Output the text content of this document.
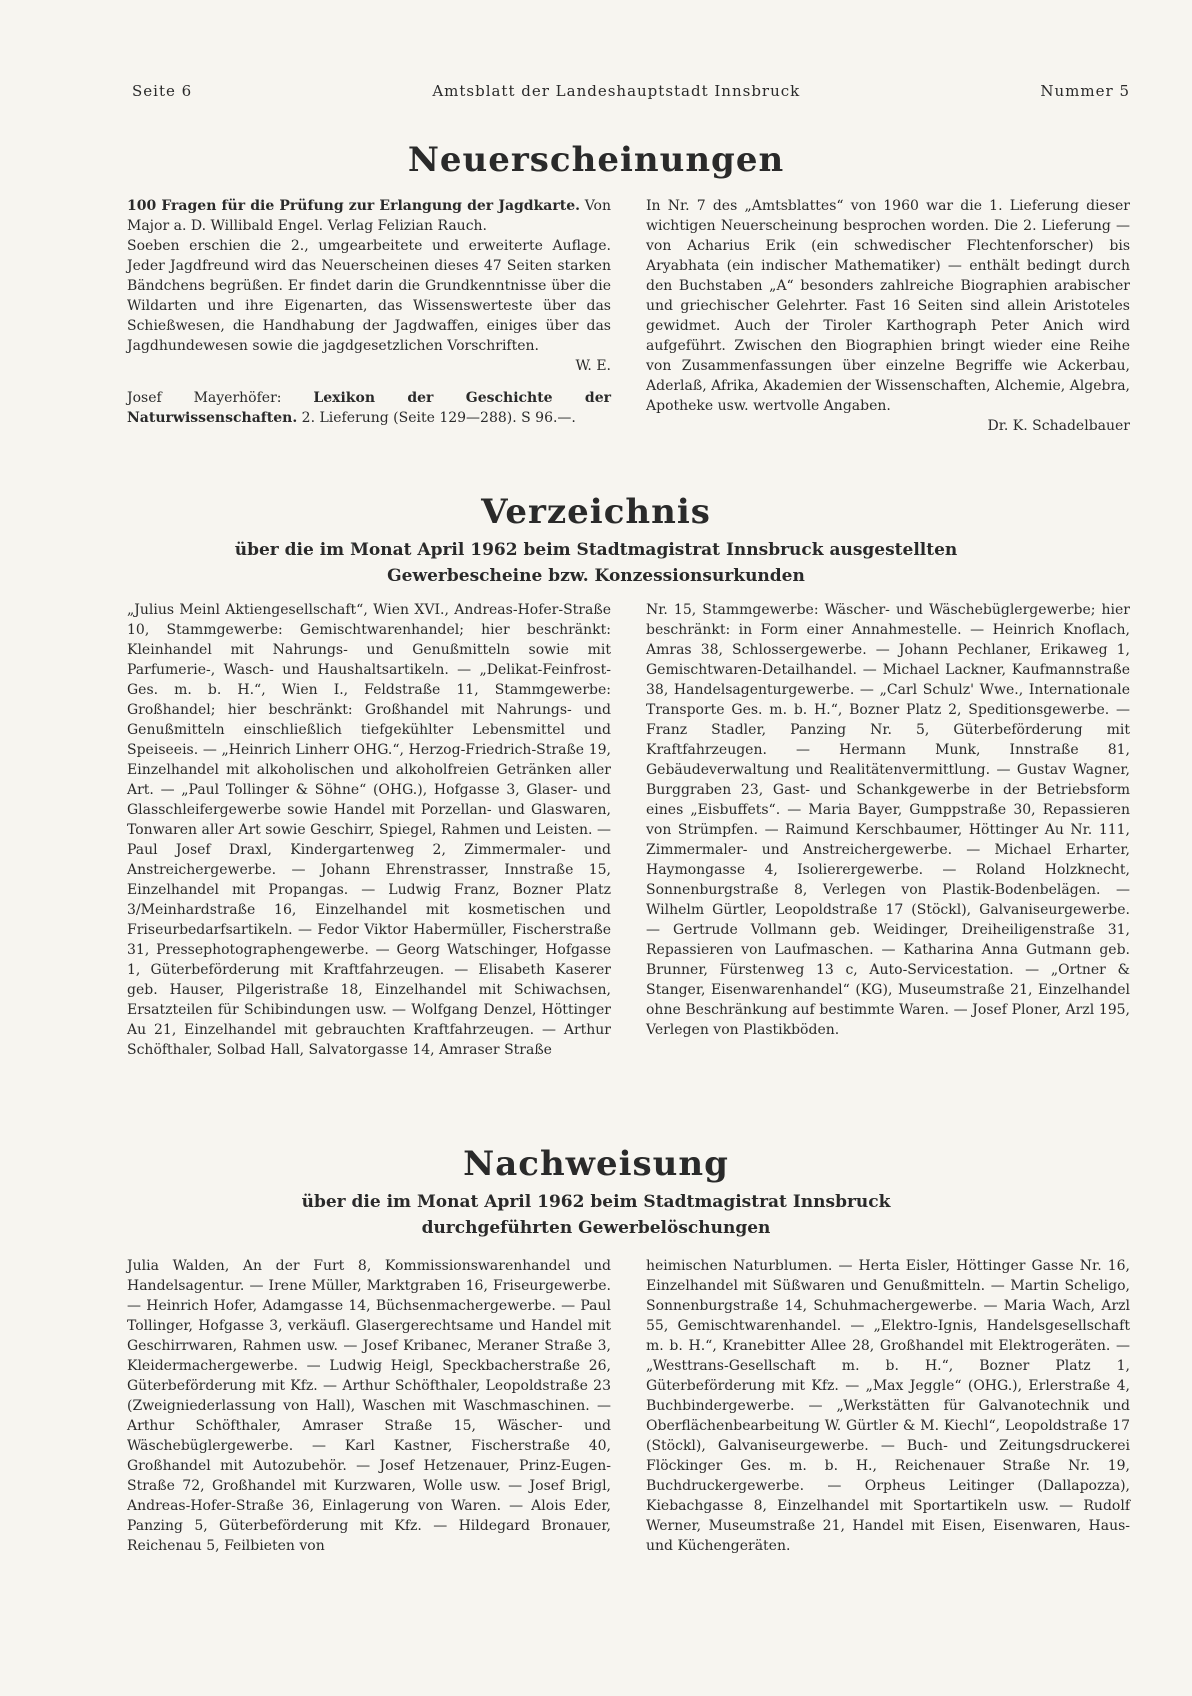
Seite 6	Amtsblatt der Landeshauptstadt Innsbruck	Nummer 5
Neuerscheinungen

100 Fragen für die Prüfung zur Erlangung der Jagdkarte. Von Major a. D. Willibald Engel. Verlag Felizian Rauch.

Soeben erschien die 2., umgearbeitete und erweiterte Auflage. Jeder Jagdfreund wird das Neuerscheinen dieses 47 Seiten starken Bändchens begrüßen. Er findet darin die Grundkenntnisse über die Wildarten und ihre Eigenarten, das Wissenswerteste über das Schießwesen, die Handhabung der Jagdwaffen, einiges über das Jagdhundewesen sowie die jagdgesetzlichen Vorschriften.

W. E.

Josef Mayerhöfer: Lexikon der Geschichte der Naturwissenschaften. 2. Lieferung (Seite 129—288). S 96.—.

In Nr. 7 des „Amtsblattes“ von 1960 war die 1. Lieferung dieser wichtigen Neuerscheinung besprochen worden. Die 2. Lieferung — von Acharius Erik (ein schwedischer Flechtenforscher) bis Aryabhata (ein indischer Mathematiker) — enthält bedingt durch den Buchstaben „A“ besonders zahlreiche Biographien arabischer und griechischer Gelehrter. Fast 16 Seiten sind allein Aristoteles gewidmet. Auch der Tiroler Karthograph Peter Anich wird aufgeführt. Zwischen den Biographien bringt wieder eine Reihe von Zusammenfassungen über einzelne Begriffe wie Ackerbau, Aderlaß, Afrika, Akademien der Wissenschaften, Alchemie, Algebra, Apotheke usw. wertvolle Angaben.

Dr. K. Schadelbauer

Verzeichnis
über die im Monat April 1962 beim Stadtmagistrat Innsbruck ausgestellten
Gewerbescheine bzw. Konzessionsurkunden

„Julius Meinl Aktiengesellschaft“, Wien XVI., Andreas-Hofer-Straße 10, Stammgewerbe: Gemischtwarenhandel; hier beschränkt: Kleinhandel mit Nahrungs- und Genußmitteln sowie mit Parfumerie-, Wasch- und Haushaltsartikeln. — „Delikat-Feinfrost-Ges. m. b. H.“, Wien I., Feldstraße 11, Stammgewerbe: Großhandel; hier beschränkt: Großhandel mit Nahrungs- und Genußmitteln einschließlich tiefgekühlter Lebensmittel und Speiseeis. — „Heinrich Linherr OHG.“, Herzog-Friedrich-Straße 19, Einzelhandel mit alkoholischen und alkoholfreien Getränken aller Art. — „Paul Tollinger & Söhne“ (OHG.), Hofgasse 3, Glaser- und Glasschleifergewerbe sowie Handel mit Porzellan- und Glaswaren, Tonwaren aller Art sowie Geschirr, Spiegel, Rahmen und Leisten. — Paul Josef Draxl, Kindergartenweg 2, Zimmermaler- und Anstreichergewerbe. — Johann Ehrenstrasser, Innstraße 15, Einzelhandel mit Propangas. — Ludwig Franz, Bozner Platz 3/Meinhardstraße 16, Einzelhandel mit kosmetischen und Friseurbedarfsartikeln. — Fedor Viktor Habermüller, Fischerstraße 31, Pressephotographengewerbe. — Georg Watschinger, Hofgasse 1, Güterbeförderung mit Kraftfahrzeugen. — Elisabeth Kaserer geb. Hauser, Pilgeristraße 18, Einzelhandel mit Schiwachsen, Ersatzteilen für Schibindungen usw. — Wolfgang Denzel, Höttinger Au 21, Einzelhandel mit gebrauchten Kraftfahrzeugen. — Arthur Schöfthaler, Solbad Hall, Salvatorgasse 14, Amraser Straße

Nr. 15, Stammgewerbe: Wäscher- und Wäschebüglergewerbe; hier beschränkt: in Form einer Annahmestelle. — Heinrich Knoflach, Amras 38, Schlossergewerbe. — Johann Pechlaner, Erikaweg 1, Gemischtwaren-Detailhandel. — Michael Lackner, Kaufmannstraße 38, Handelsagenturgewerbe. — „Carl Schulz' Wwe., Internationale Transporte Ges. m. b. H.“, Bozner Platz 2, Speditionsgewerbe. — Franz Stadler, Panzing Nr. 5, Güterbeförderung mit Kraftfahrzeugen. — Hermann Munk, Innstraße 81, Gebäudeverwaltung und Realitätenvermittlung. — Gustav Wagner, Burggraben 23, Gast- und Schankgewerbe in der Betriebsform eines „Eisbuffets“. — Maria Bayer, Gumppstraße 30, Repassieren von Strümpfen. — Raimund Kerschbaumer, Höttinger Au Nr. 111, Zimmermaler- und Anstreichergewerbe. — Michael Erharter, Haymongasse 4, Isolierergewerbe. — Roland Holzknecht, Sonnenburgstraße 8, Verlegen von Plastik-Bodenbelägen. — Wilhelm Gürtler, Leopoldstraße 17 (Stöckl), Galvaniseurgewerbe. — Gertrude Vollmann geb. Weidinger, Dreiheiligenstraße 31, Repassieren von Laufmaschen. — Katharina Anna Gutmann geb. Brunner, Fürstenweg 13 c, Auto-Servicestation. — „Ortner & Stanger, Eisenwarenhandel“ (KG), Museumstraße 21, Einzelhandel ohne Beschränkung auf bestimmte Waren. — Josef Ploner, Arzl 195, Verlegen von Plastikböden.

Nachweisung
über die im Monat April 1962 beim Stadtmagistrat Innsbruck
durchgeführten Gewerbelöschungen

Julia Walden, An der Furt 8, Kommissionswarenhandel und Handelsagentur. — Irene Müller, Marktgraben 16, Friseurgewerbe. — Heinrich Hofer, Adamgasse 14, Büchsenmachergewerbe. — Paul Tollinger, Hofgasse 3, verkäufl. Glasergerechtsame und Handel mit Geschirrwaren, Rahmen usw. — Josef Kribanec, Meraner Straße 3, Kleidermachergewerbe. — Ludwig Heigl, Speckbacherstraße 26, Güterbeförderung mit Kfz. — Arthur Schöfthaler, Leopoldstraße 23 (Zweigniederlassung von Hall), Waschen mit Waschmaschinen. — Arthur Schöfthaler, Amraser Straße 15, Wäscher- und Wäschebüglergewerbe. — Karl Kastner, Fischerstraße 40, Großhandel mit Autozubehör. — Josef Hetzenauer, Prinz-Eugen-Straße 72, Großhandel mit Kurzwaren, Wolle usw. — Josef Brigl, Andreas-Hofer-Straße 36, Einlagerung von Waren. — Alois Eder, Panzing 5, Güterbeförderung mit Kfz. — Hildegard Bronauer, Reichenau 5, Feilbieten von

heimischen Naturblumen. — Herta Eisler, Höttinger Gasse Nr. 16, Einzelhandel mit Süßwaren und Genußmitteln. — Martin Scheligo, Sonnenburgstraße 14, Schuhmachergewerbe. — Maria Wach, Arzl 55, Gemischtwarenhandel. — „Elektro-Ignis, Handelsgesellschaft m. b. H.“, Kranebitter Allee 28, Großhandel mit Elektrogeräten. — „Westtrans-Gesellschaft m. b. H.“, Bozner Platz 1, Güterbeförderung mit Kfz. — „Max Jeggle“ (OHG.), Erlerstraße 4, Buchbindergewerbe. — „Werkstätten für Galvanotechnik und Oberflächenbearbeitung W. Gürtler & M. Kiechl“, Leopoldstraße 17 (Stöckl), Galvaniseurgewerbe. — Buch- und Zeitungsdruckerei Flöckinger Ges. m. b. H., Reichenauer Straße Nr. 19, Buchdruckergewerbe. — Orpheus Leitinger (Dallapozza), Kiebachgasse 8, Einzelhandel mit Sportartikeln usw. — Rudolf Werner, Museumstraße 21, Handel mit Eisen, Eisenwaren, Haus- und Küchengeräten.
